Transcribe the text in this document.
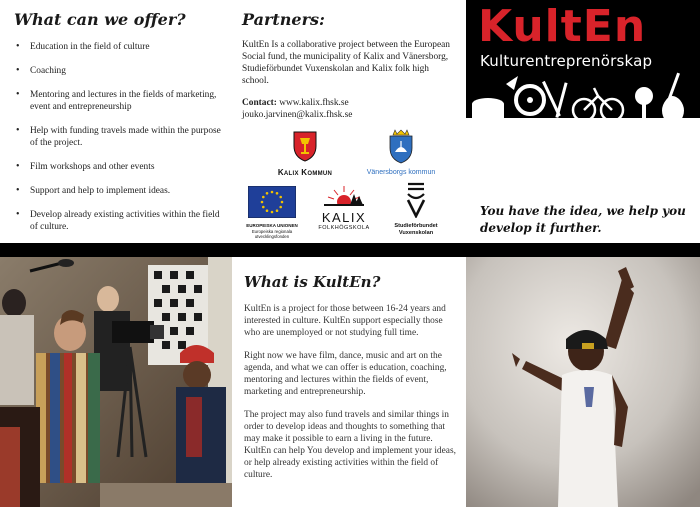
What can we offer?
• Education in the field of culture
• Coaching
• Mentoring and lectures in the fields of marketing, event and entrepreneurship
• Help with funding travels made within the purpose of the project.
• Film workshops and other events
• Support and help to implement ideas.
• Develop already existing activities within the field of culture.
Partners:

KultEn Is a collaborative project between the European Social fund, the municipality of Kalix and Vänersborg, Studieförbundet Vuxenskolan and Kalix folk high school.

Contact: www.kalix.fhsk.se
jouko.jarvinen@kalix.fhsk.se
Kalix Kommun	Vänersborgs kommun
EUROPEISKA UNIONEN
Europeiska regionala
utvecklingsfonden
KALIX
FOLKHÖGSKOLA	Studieförbundet
Vuxenskolan
KultEn
Kulturentreprenörskap

You have the idea, we help you develop it further.

What is KultEn?

KultEn is a project for those between 16-24 years and interested in culture. KultEn support especially those who are unemployed or not studying full time.

Right now we have film, dance, music and art on the agenda, and what we can offer is education, coaching, mentoring and lectures within the fields of event, marketing and entrepreneurship.

The project may also fund travels and similar things in order to develop ideas and thoughts to something that may make it possible to earn a living in the future. KultEn can help You develop and implement your ideas, or help already existing activities within the field of culture.
